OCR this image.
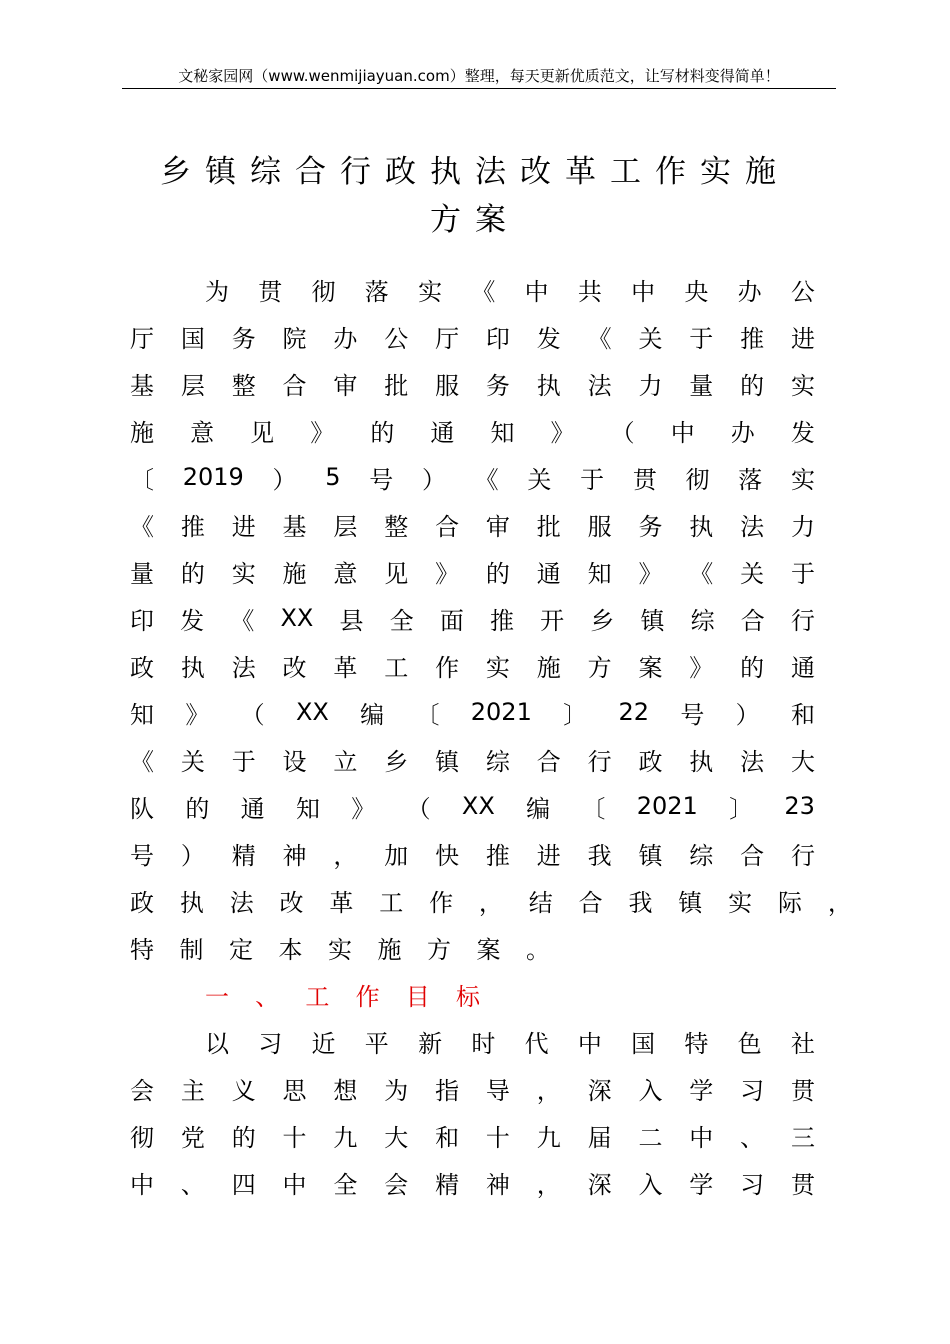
文秘家园网（www.wenmijiayuan.com）整理，每天更新优质范文，让写材料变得简单！
乡镇综合行政执法改革工作实施
方案
为 贯 彻 落 实 《 中 共 中 央 办 公
厅 国 务 院 办 公 厅 印 发 《 关 于 推 进
基 层 整 合 审 批 服 务 执 法 力 量 的 实
施 意 见 》 的 通 知 》 （ 中 办 发
〔 2019 ） 5 号 ） 《 关 于 贯 彻 落 实
《 推 进 基 层 整 合 审 批 服 务 执 法 力
量 的 实 施 意 见 》 的 通 知 》 《 关 于
印 发 《 XX 县 全 面 推 开 乡 镇 综 合 行
政 执 法 改 革 工 作 实 施 方 案 》 的 通
知 》 （ XX 编 〔 2021 〕 22 号 ） 和
《 关 于 设 立 乡 镇 综 合 行 政 执 法 大
队 的 通 知 》 （ XX 编 〔 2021 〕 23
号 ） 精 神 ， 加 快 推 进 我 镇 综 合 行
政 执 法 改 革 工 作 ， 结 合 我 镇 实 际 ，
特 制 定 本 实 施 方 案 。
一 、 工 作 目 标
以 习 近 平 新 时 代 中 国 特 色 社
会 主 义 思 想 为 指 导 ， 深 入 学 习 贯
彻 党 的 十 九 大 和 十 九 届 二 中 、 三
中 、 四 中 全 会 精 神 ， 深 入 学 习 贯
